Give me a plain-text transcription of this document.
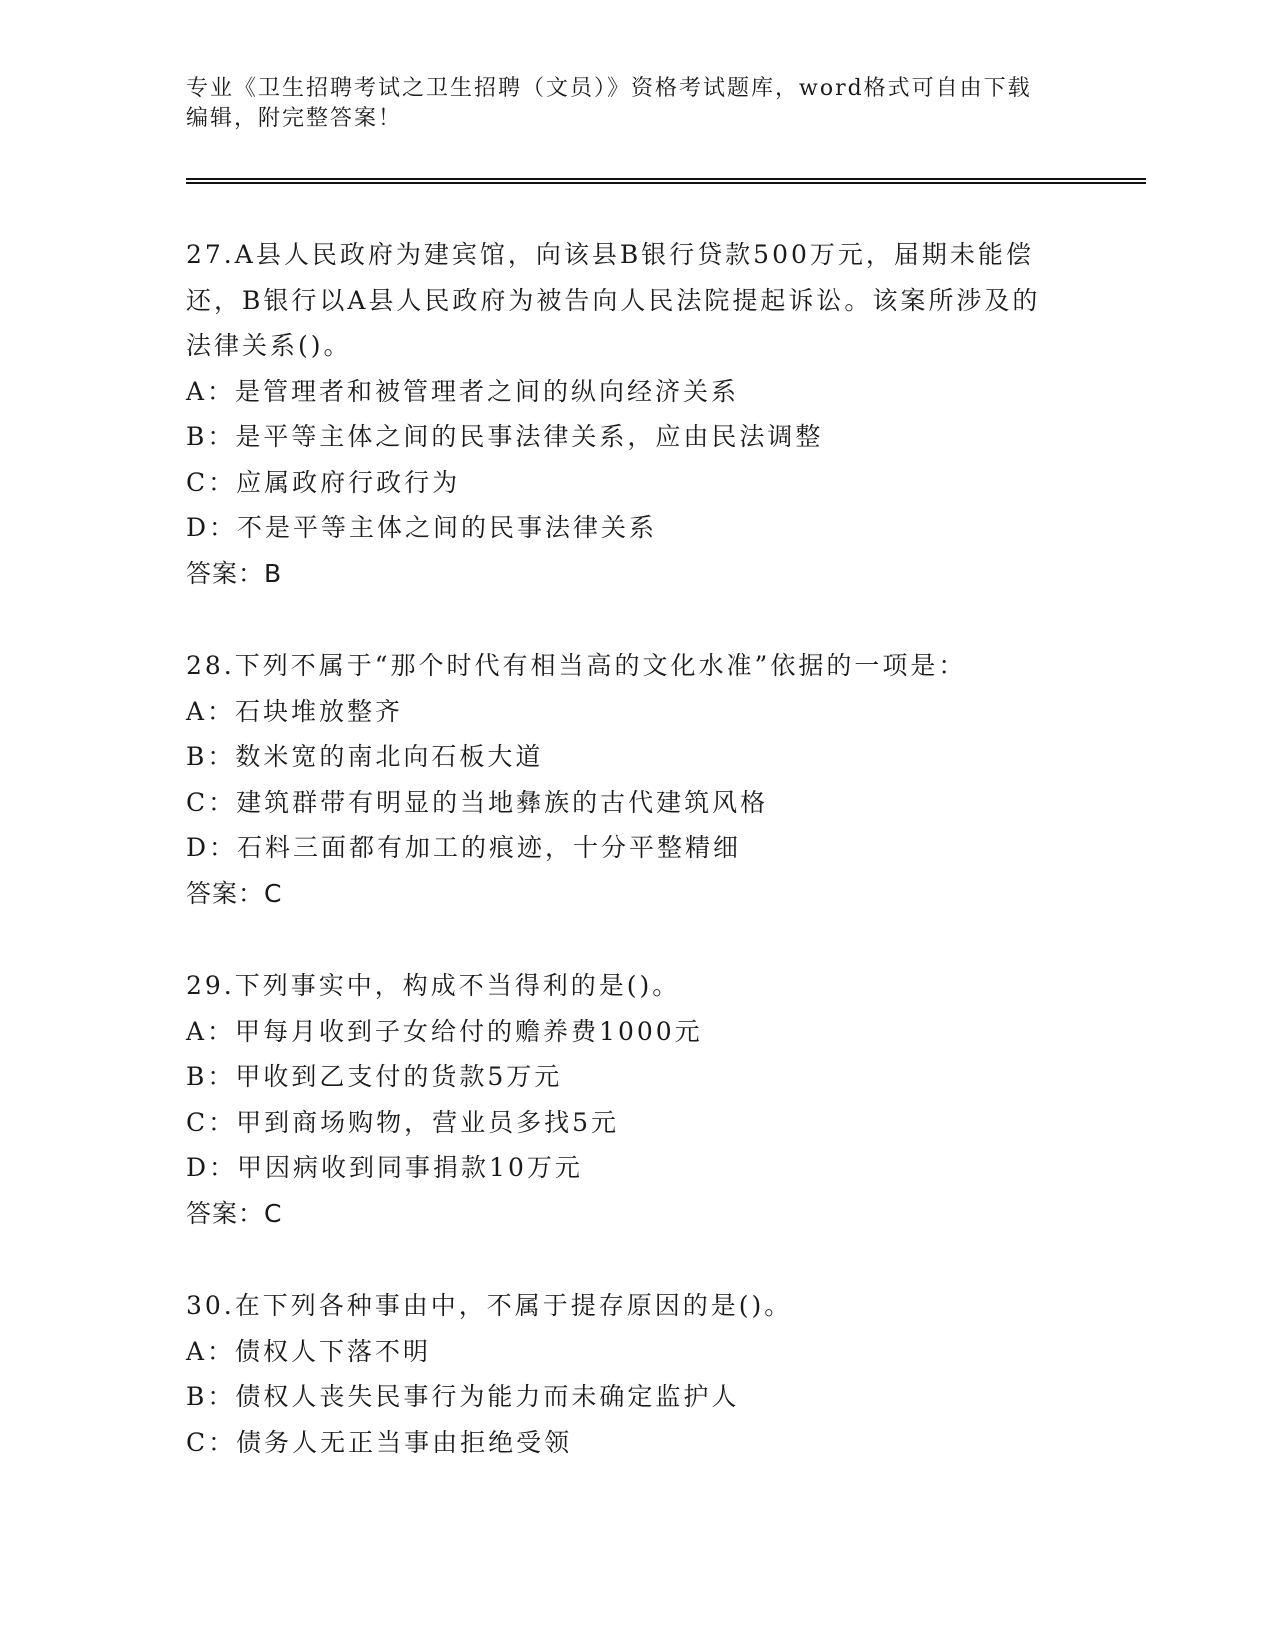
专业《卫生招聘考试之卫生招聘（文员）》资格考试题库，word格式可自由下载
编辑，附完整答案！
27.A县人民政府为建宾馆，向该县B银行贷款500万元，届期未能偿
还，B银行以A县人民政府为被告向人民法院提起诉讼。该案所涉及的
法律关系()。
A：是管理者和被管理者之间的纵向经济关系
B：是平等主体之间的民事法律关系，应由民法调整
C：应属政府行政行为
D：不是平等主体之间的民事法律关系
答案：B
28.下列不属于“那个时代有相当高的文化水准”依据的一项是：
A：石块堆放整齐
B：数米宽的南北向石板大道
C：建筑群带有明显的当地彝族的古代建筑风格
D：石料三面都有加工的痕迹，十分平整精细
答案：C
29.下列事实中，构成不当得利的是()。
A：甲每月收到子女给付的赡养费1000元
B：甲收到乙支付的货款5万元
C：甲到商场购物，营业员多找5元
D：甲因病收到同事捐款10万元
答案：C
30.在下列各种事由中，不属于提存原因的是()。
A：债权人下落不明
B：债权人丧失民事行为能力而未确定监护人
C：债务人无正当事由拒绝受领
